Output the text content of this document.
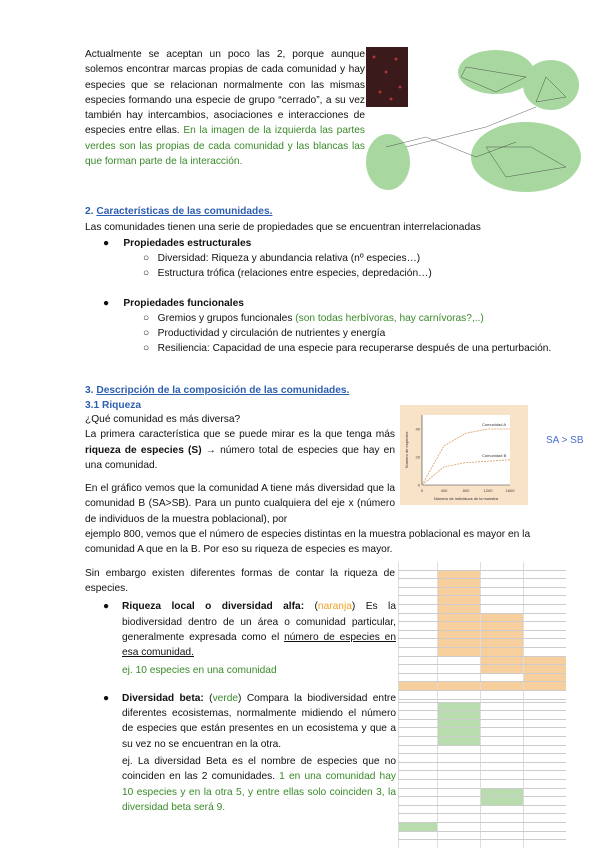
Actualmente se aceptan un poco las 2, porque aunque solemos encontrar marcas propias de cada comunidad y hay especies que se relacionan normalmente con las mismas especies formando una especie de grupo “cerrado”, a su vez también hay intercambios, asociaciones e interacciones de especies entre ellas. En la imagen de la izquierda las partes verdes son las propias de cada comunidad y las blancas las que forman parte de la interacción.
2. Características de las comunidades.
Las comunidades tienen una serie de propiedades que se encuentran interrelacionadas
●     Propiedades estructurales
○   Diversidad: Riqueza y abundancia relativa (nº especies…)
○   Estructura trófica (relaciones entre especies, depredación…)
●     Propiedades funcionales
○   Gremios y grupos funcionales (son todas herbívoras, hay carnívoras?,..)
○   Productividad y circulación de nutrientes y energía
○   Resiliencia: Capacidad de una especie para recuperarse después de una perturbación.
3. Descripción de la composición de las comunidades.
3.1 Riqueza
¿Qué comunidad es más diversa?
La primera característica que se puede mirar es la que tenga más riqueza de especies (S) → número total de especies que hay en una comunidad.
En el gráfico vemos que la comunidad A tiene más diversidad que la comunidad B (SA>SB). Para un punto cualquiera del eje x (número de individuos de la muestra poblacional), por
ejemplo 800, vemos que el número de especies distintas en la muestra poblacional es mayor en la comunidad A que en la B. Por eso su riqueza de especies es mayor.
Sin embargo existen diferentes formas de contar la riqueza de especies.
● Riqueza local o diversidad alfa: (naranja) Es la biodiversidad dentro de un área o comunidad particular, generalmente expresada como el número de especies en esa comunidad.
ej. 10 especies en una comunidad
● Diversidad beta: (verde) Compara la biodiversidad entre diferentes ecosistemas, normalmente midiendo el número de especies que están presentes en un ecosistema y que a su vez no se encuentran en la otra.
ej. La diversidad Beta es el nombre de especies que no coinciden en las 2 comunidades. 1 en una comunidad hay 10 especies y en la otra 5, y entre ellas solo coinciden 3, la diversidad beta será 9.
0	400	800	1200	1600
0
20
40
Comunidad A
Comunidad B
Número de individuos de la muestra
Número de especies	SA > SB
